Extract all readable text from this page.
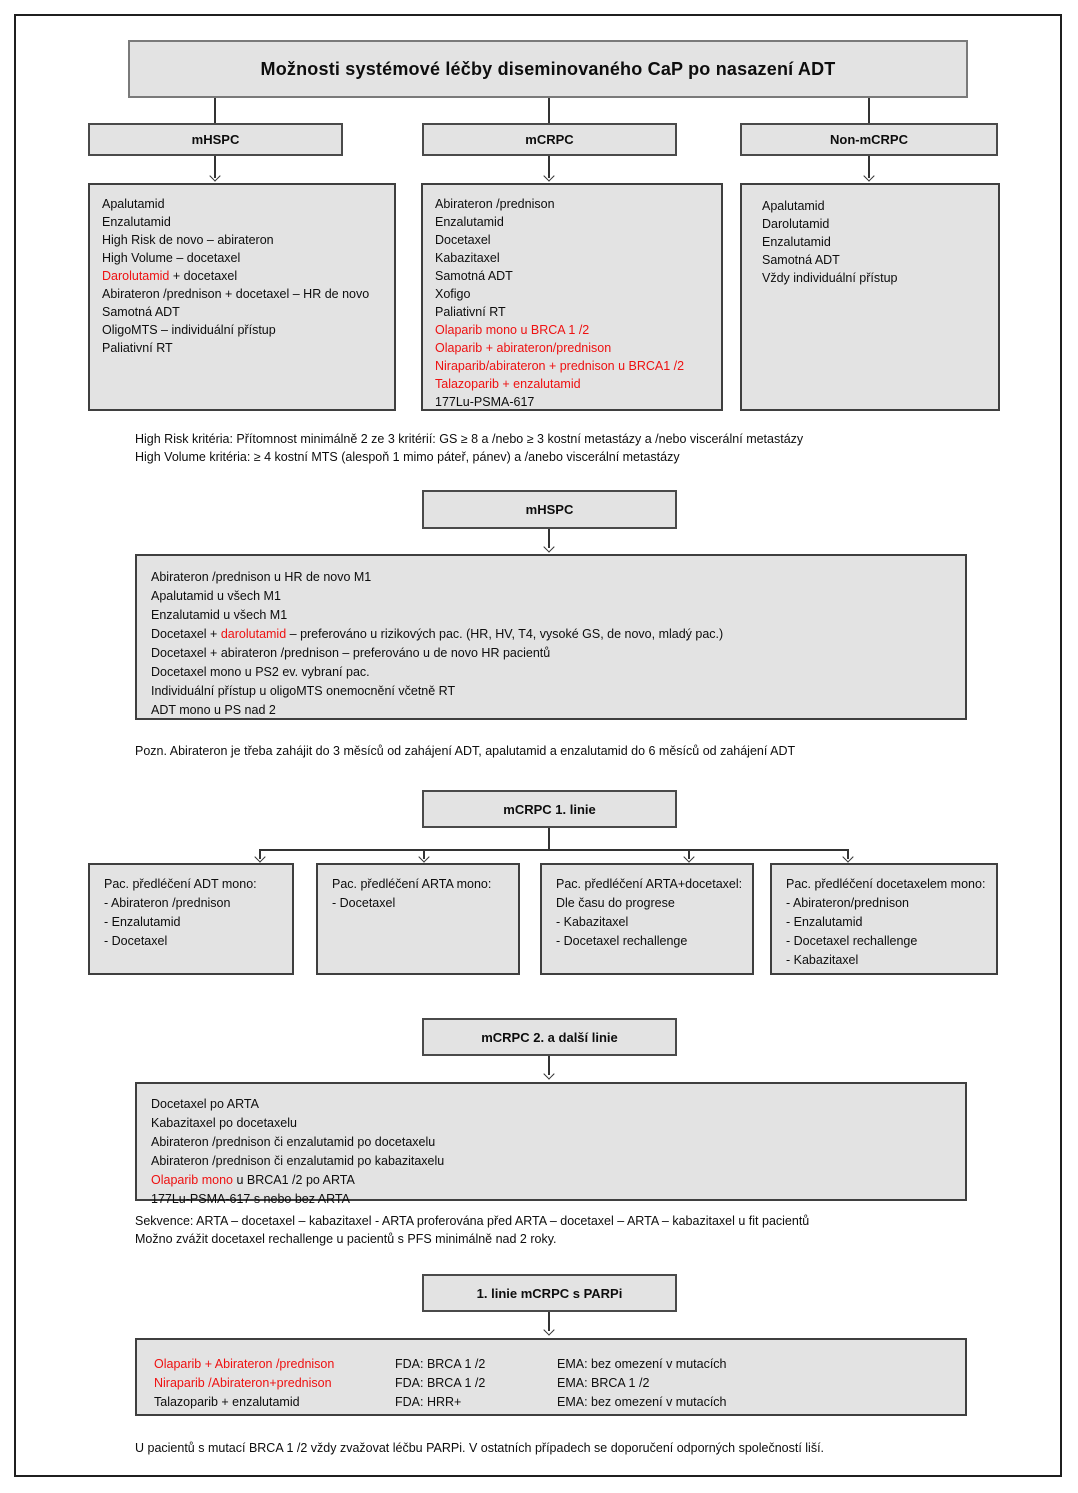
Možnosti systémové léčby diseminovaného CaP po nasazení ADT
mHSPC	mCRPC	Non-mCRPC
Apalutamid
Enzalutamid
High Risk de novo – abirateron
High Volume – docetaxel
Darolutamid + docetaxel
Abirateron /prednison + docetaxel – HR de novo
Samotná ADT
OligoMTS – individuální přístup
Paliativní RT
Abirateron /prednison
Enzalutamid
Docetaxel
Kabazitaxel
Samotná ADT
Xofigo
Paliativní RT
Olaparib mono u BRCA 1 /2
Olaparib + abirateron/prednison
Niraparib/abirateron + prednison u BRCA1 /2
Talazoparib + enzalutamid
177Lu-PSMA-617
Apalutamid
Darolutamid
Enzalutamid
Samotná ADT
Vždy individuální přístup
High Risk kritéria: Přítomnost minimálně 2 ze 3 kritérií: GS ≥ 8 a /nebo ≥ 3 kostní metastázy a /nebo viscerální metastázy
High Volume kritéria: ≥ 4 kostní MTS (alespoň 1 mimo páteř, pánev) a /anebo viscerální metastázy
mHSPC
Abirateron /prednison u HR de novo M1
Apalutamid u všech M1
Enzalutamid u všech M1
Docetaxel + darolutamid – preferováno u rizikových pac. (HR, HV, T4, vysoké GS, de novo, mladý pac.)
Docetaxel + abirateron /prednison – preferováno u de novo HR pacientů
Docetaxel mono u PS2 ev. vybraní pac.
Individuální přístup u oligoMTS onemocnění včetně RT
ADT mono u PS nad 2
Pozn. Abirateron je třeba zahájit do 3 měsíců od zahájení ADT, apalutamid a enzalutamid do 6 měsíců od zahájení ADT
mCRPC 1. linie
Pac. předléčení ADT mono:
- Abirateron /prednison
- Enzalutamid
- Docetaxel
Pac. předléčení ARTA mono:
- Docetaxel
Pac. předléčení ARTA+docetaxel:
Dle času do progrese
- Kabazitaxel
- Docetaxel rechallenge
Pac. předléčení docetaxelem mono:
- Abirateron/prednison
- Enzalutamid
- Docetaxel rechallenge
- Kabazitaxel
mCRPC 2. a další linie
Docetaxel po ARTA
Kabazitaxel po docetaxelu
Abirateron /prednison či enzalutamid po docetaxelu
Abirateron /prednison či enzalutamid po kabazitaxelu
Olaparib mono u BRCA1 /2 po ARTA
177Lu-PSMA-617 s nebo bez ARTA
Sekvence: ARTA – docetaxel – kabazitaxel - ARTA proferována před ARTA – docetaxel – ARTA – kabazitaxel u fit pacientů
Možno zvážit docetaxel rechallenge u pacientů s PFS minimálně nad 2 roky.
1. linie mCRPC s PARPi
Olaparib + Abirateron /prednison
Niraparib /Abirateron+prednison
Talazoparib + enzalutamid
FDA: BRCA 1 /2
FDA: BRCA 1 /2
FDA: HRR+
EMA: bez omezení v mutacích
EMA: BRCA 1 /2
EMA: bez omezení v mutacích
U pacientů s mutací BRCA 1 /2 vždy zvažovat léčbu PARPi. V ostatních případech se doporučení odporných společností liší.
